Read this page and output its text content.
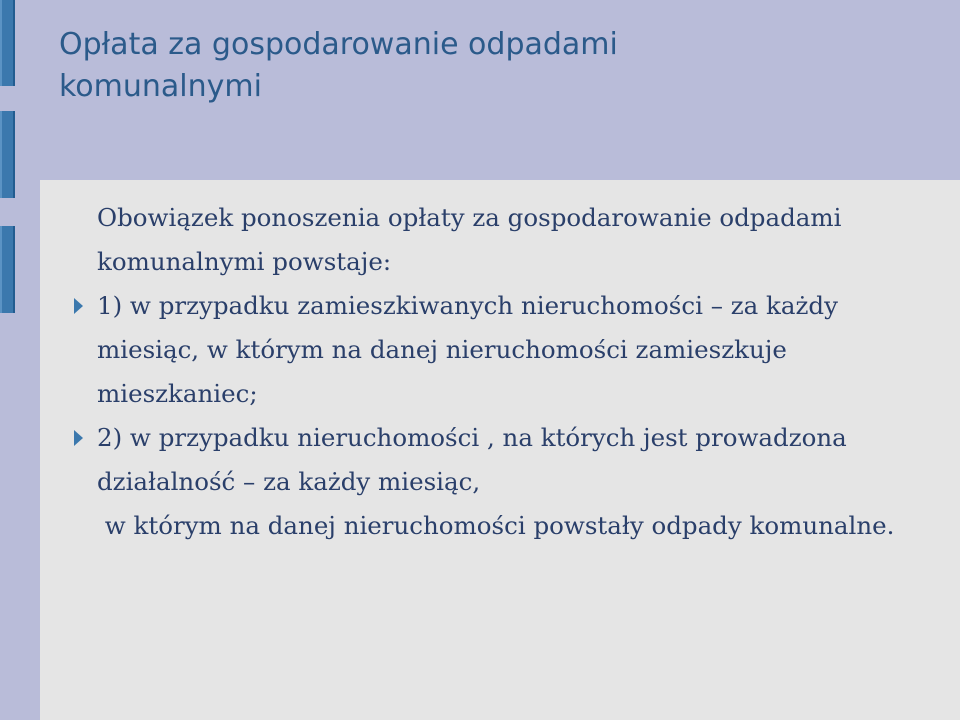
Opłata za gospodarowanie odpadami komunalnymi

Obowiązek ponoszenia opłaty za gospodarowanie odpadami komunalnymi powstaje:

1) w przypadku zamieszkiwanych nieruchomości – za każdy miesiąc, w którym na danej nieruchomości zamieszkuje mieszkaniec;

2) w przypadku nieruchomości , na których jest prowadzona działalność – za każdy miesiąc,

w którym na danej nieruchomości powstały odpady komunalne.
